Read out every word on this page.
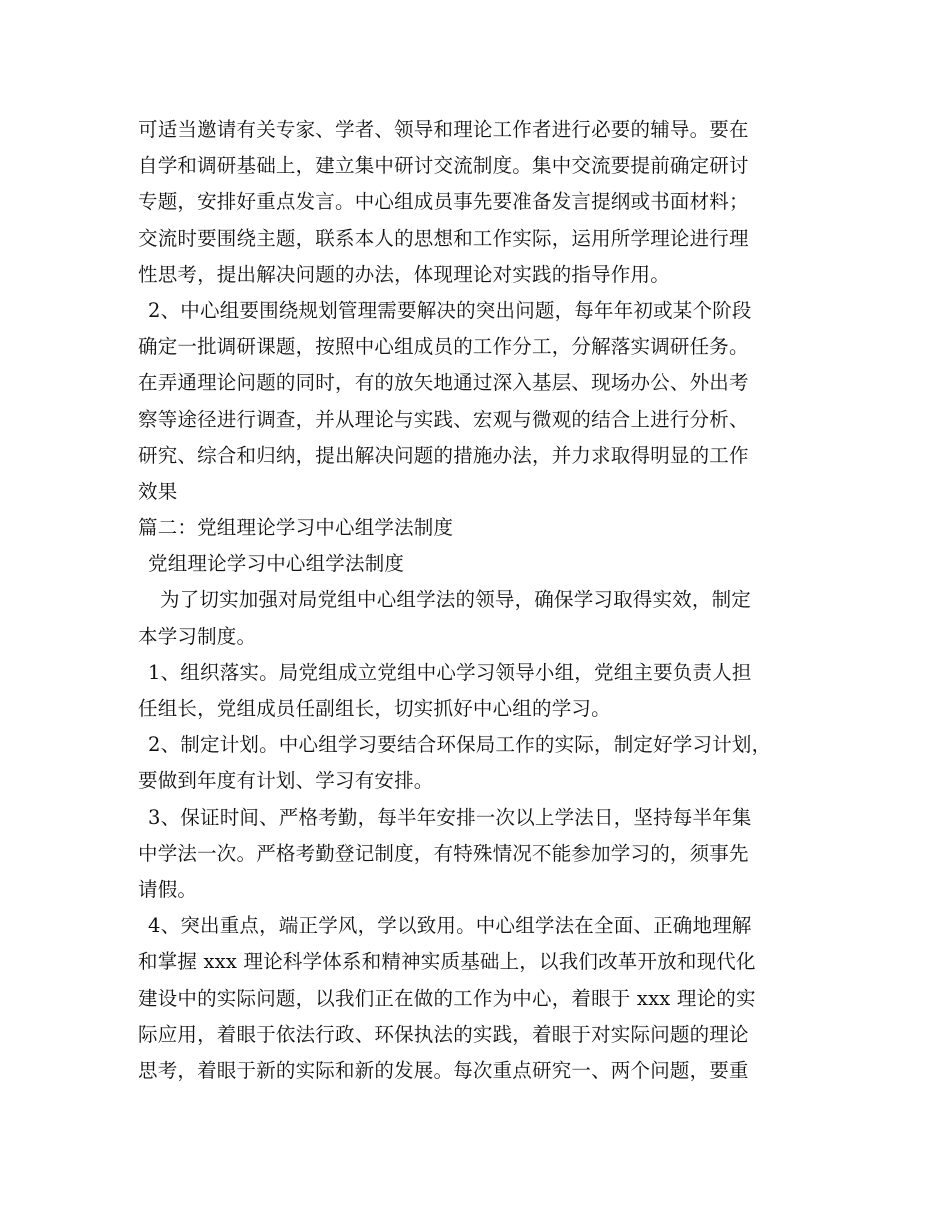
可适当邀请有关专家、学者、领导和理论工作者进行必要的辅导。要在
自学和调研基础上，建立集中研讨交流制度。集中交流要提前确定研讨
专题，安排好重点发言。中心组成员事先要准备发言提纲或书面材料；
交流时要围绕主题，联系本人的思想和工作实际，运用所学理论进行理
性思考，提出解决问题的办法，体现理论对实践的指导作用。
2、中心组要围绕规划管理需要解决的突出问题，每年年初或某个阶段
确定一批调研课题，按照中心组成员的工作分工，分解落实调研任务。
在弄通理论问题的同时，有的放矢地通过深入基层、现场办公、外出考
察等途径进行调查，并从理论与实践、宏观与微观的结合上进行分析、
研究、综合和归纳，提出解决问题的措施办法，并力求取得明显的工作
效果
篇二：党组理论学习中心组学法制度
党组理论学习中心组学法制度
为了切实加强对局党组中心组学法的领导，确保学习取得实效，制定
本学习制度。
1、组织落实。局党组成立党组中心学习领导小组，党组主要负责人担
任组长，党组成员任副组长，切实抓好中心组的学习。
2、制定计划。中心组学习要结合环保局工作的实际，制定好学习计划，
要做到年度有计划、学习有安排。
3、保证时间、严格考勤，每半年安排一次以上学法日，坚持每半年集
中学法一次。严格考勤登记制度，有特殊情况不能参加学习的，须事先
请假。
4、突出重点，端正学风，学以致用。中心组学法在全面、正确地理解
和掌握 xxx 理论科学体系和精神实质基础上，以我们改革开放和现代化
建设中的实际问题，以我们正在做的工作为中心，着眼于 xxx 理论的实
际应用，着眼于依法行政、环保执法的实践，着眼于对实际问题的理论
思考，着眼于新的实际和新的发展。每次重点研究一、两个问题，要重
